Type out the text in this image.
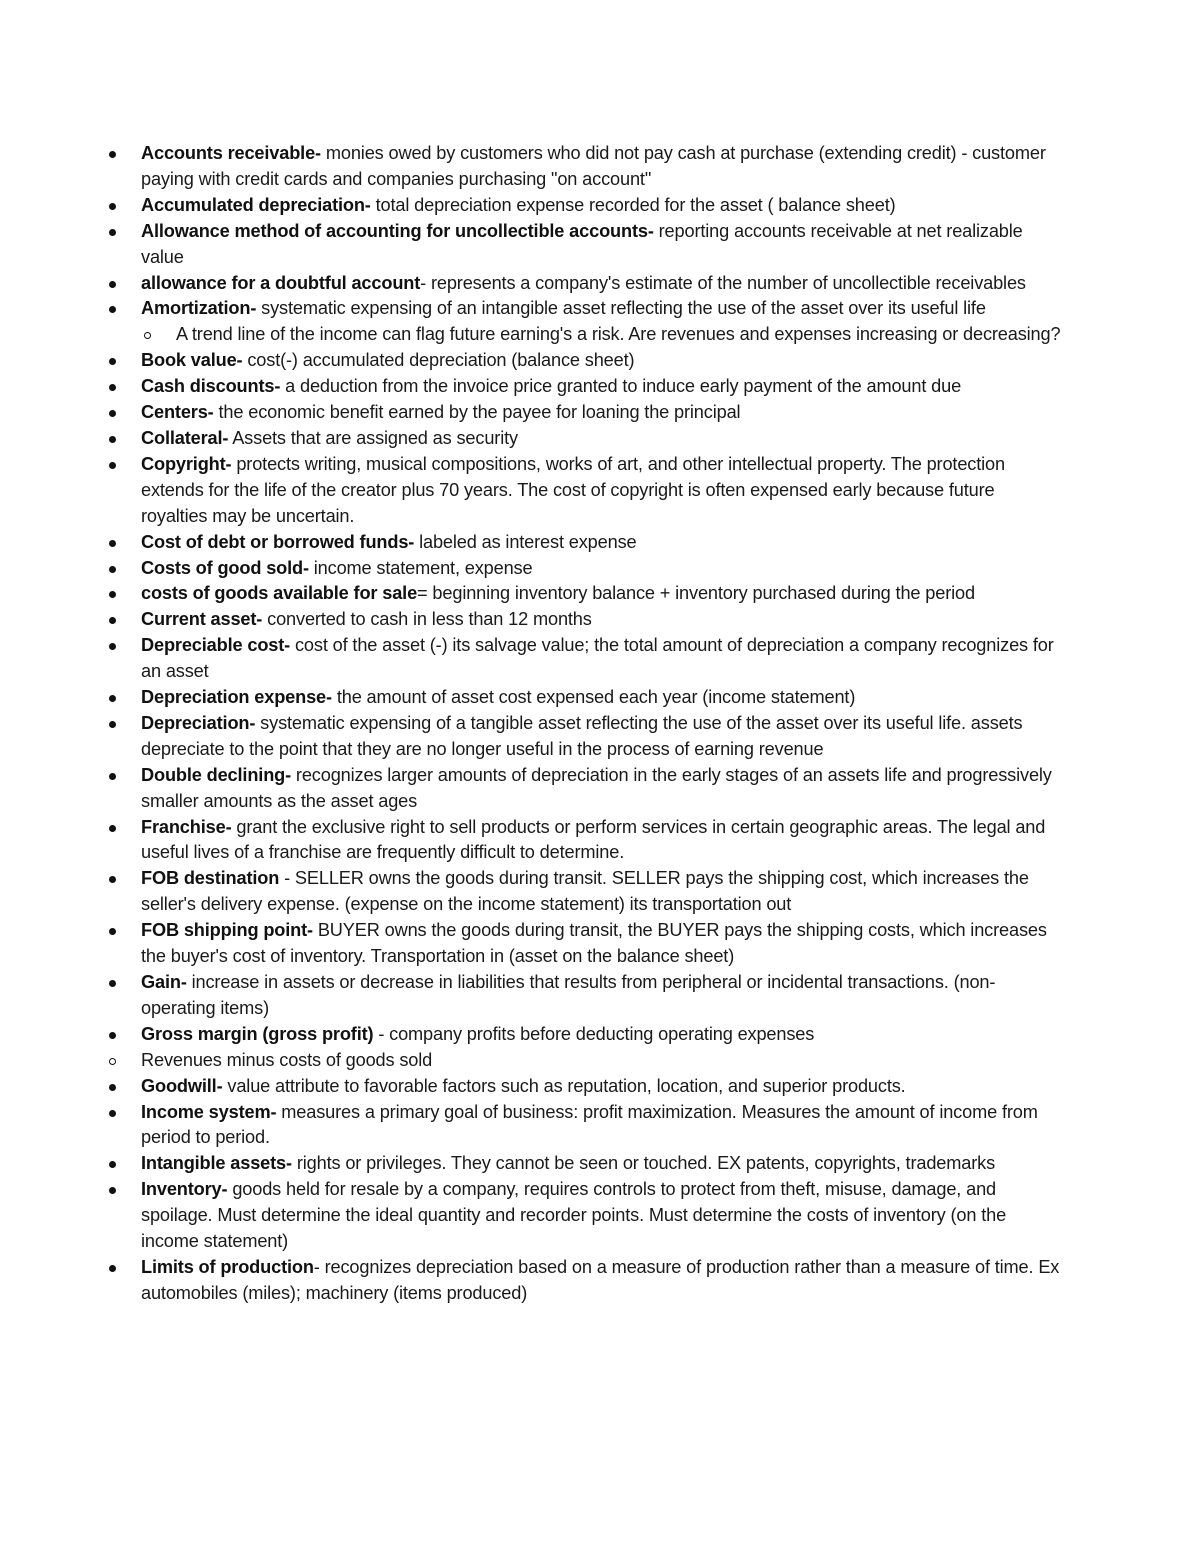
Accounts receivable- monies owed by customers who did not pay cash at purchase (extending credit) - customer paying with credit cards and companies purchasing "on account"
Accumulated depreciation- total depreciation expense recorded for the asset ( balance sheet)
Allowance method of accounting for uncollectible accounts- reporting accounts receivable at net realizable value
allowance for a doubtful account- represents a company's estimate of the number of uncollectible receivables
Amortization- systematic expensing of an intangible asset reflecting the use of the asset over its useful life
A trend line of the income can flag future earning's a risk. Are revenues and expenses increasing or decreasing?
Book value- cost(-) accumulated depreciation (balance sheet)
Cash discounts- a deduction from the invoice price granted to induce early payment of the amount due
Centers- the economic benefit earned by the payee for loaning the principal
Collateral- Assets that are assigned as security
Copyright- protects writing, musical compositions, works of art, and other intellectual property. The protection extends for the life of the creator plus 70 years. The cost of copyright is often expensed early because future royalties may be uncertain.
Cost of debt or borrowed funds- labeled as interest expense
Costs of good sold- income statement, expense
costs of goods available for sale= beginning inventory balance + inventory purchased during the period
Current asset- converted to cash in less than 12 months
Depreciable cost- cost of the asset (-) its salvage value; the total amount of depreciation a company recognizes for an asset
Depreciation expense- the amount of asset cost expensed each year (income statement)
Depreciation- systematic expensing of a tangible asset reflecting the use of the asset over its useful life. assets depreciate to the point that they are no longer useful in the process of earning revenue
Double declining- recognizes larger amounts of depreciation in the early stages of an assets life and progressively smaller amounts as the asset ages
Franchise- grant the exclusive right to sell products or perform services in certain geographic areas. The legal and useful lives of a franchise are frequently difficult to determine.
FOB destination - SELLER owns the goods during transit. SELLER pays the shipping cost, which increases the seller's delivery expense. (expense on the income statement) its transportation out
FOB shipping point- BUYER owns the goods during transit, the BUYER pays the shipping costs, which increases the buyer's cost of inventory. Transportation in (asset on the balance sheet)
Gain- increase in assets or decrease in liabilities that results from peripheral or incidental transactions. (non-operating items)
Gross margin (gross profit) - company profits before deducting operating expenses
Revenues minus costs of goods sold
Goodwill- value attribute to favorable factors such as reputation, location, and superior products.
Income system- measures a primary goal of business: profit maximization. Measures the amount of income from period to period.
Intangible assets- rights or privileges. They cannot be seen or touched. EX patents, copyrights, trademarks
Inventory- goods held for resale by a company, requires controls to protect from theft, misuse, damage, and spoilage. Must determine the ideal quantity and recorder points. Must determine the costs of inventory (on the income statement)
Limits of production- recognizes depreciation based on a measure of production rather than a measure of time. Ex automobiles (miles); machinery (items produced)
